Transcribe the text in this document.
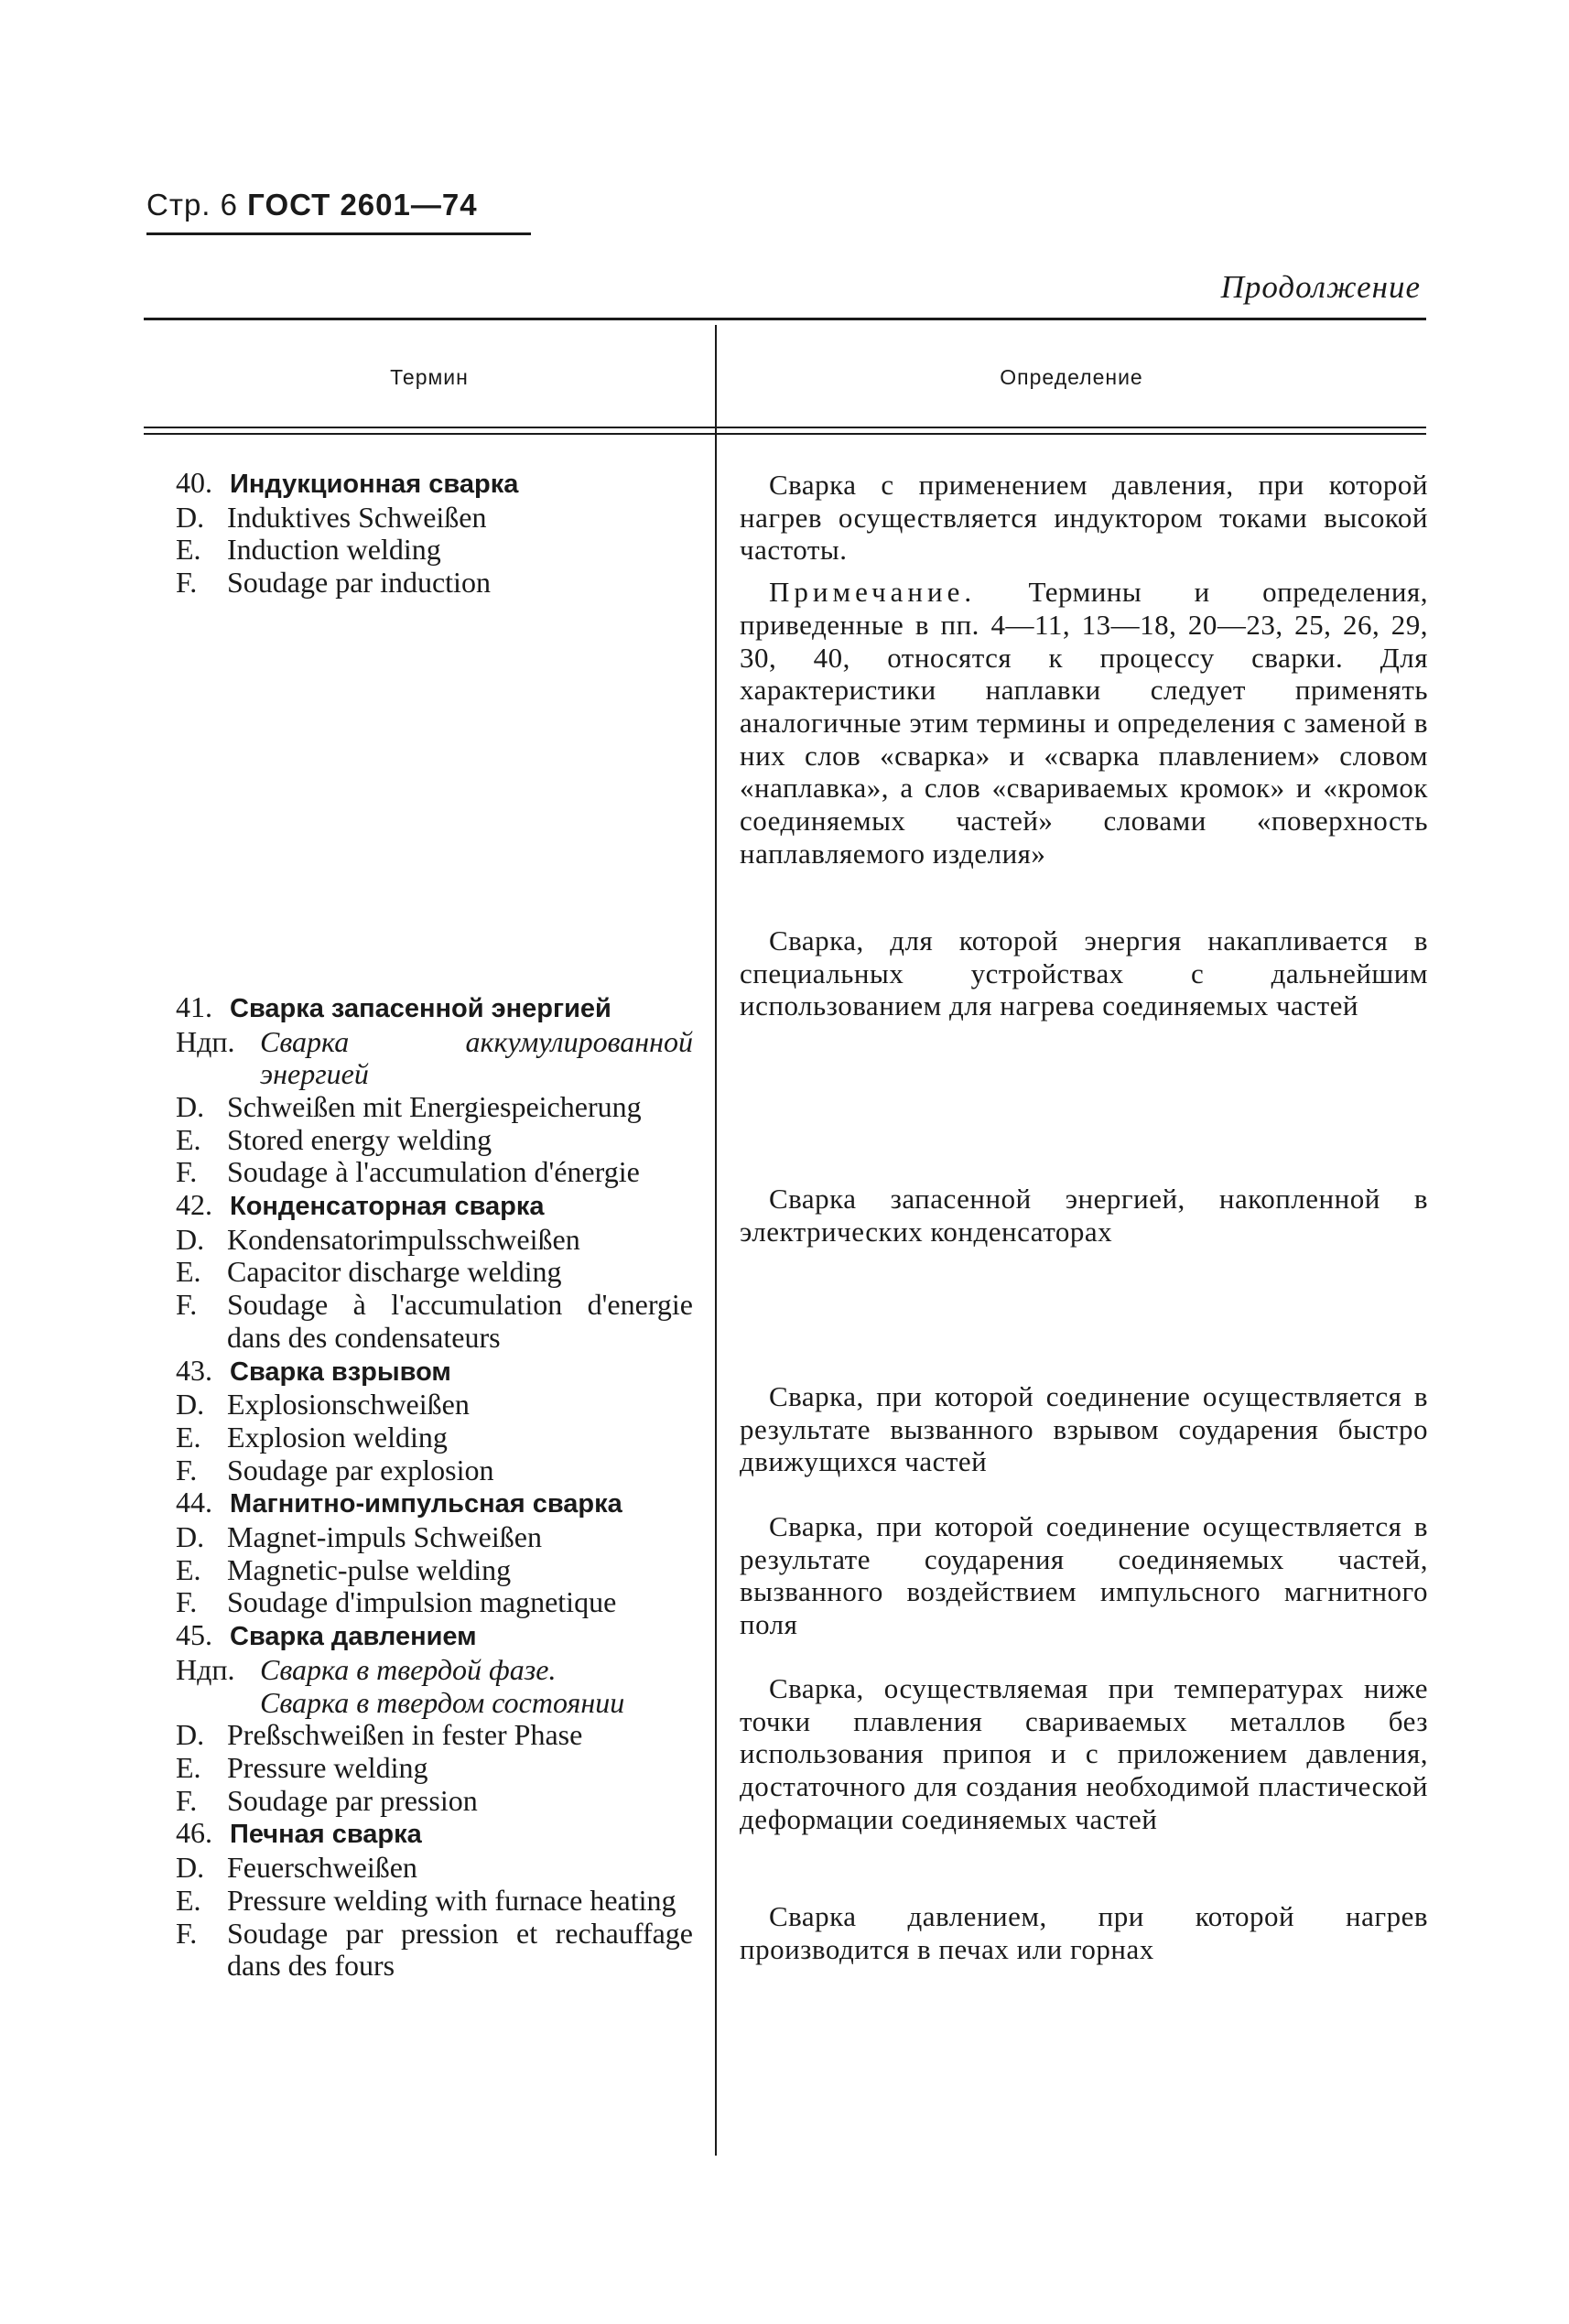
Стр. 6 ГОСТ 2601—74
Продолжение
Термин	Определение
40. Индукционная сварка
D. Induktives Schweißen
E. Induction welding
F. Soudage par induction
41. Сварка запасенной энергией
Ндп. Сварка аккумулированной энергией
D. Schweißen mit Energiespeicherung
E. Stored energy welding
F. Soudage à l'accumulation d'énergie
42. Конденсаторная сварка
D. Kondensatorimpulsschweißen
E. Capacitor discharge welding
F. Soudage à l'accumulation d'energie dans des condensateurs
43. Сварка взрывом
D. Explosionschweißen
E. Explosion welding
F. Soudage par explosion
44. Магнитно-импульсная сварка
D. Magnet-impuls Schweißen
E. Magnetic-pulse welding
F. Soudage d'impulsion magnetique
45. Сварка давлением
Ндп. Сварка в твердой фазе.
Сварка в твердом состоянии
D. Preßschweißen in fester Phase
E. Pressure welding
F. Soudage par pression
46. Печная сварка
D. Feuerschweißen
E. Pressure welding with furnace heating
F. Soudage par pression et rechauffage dans des fours

Сварка с применением давления, при которой нагрев осуществляется индуктором токами высокой частоты.

Примечание. Термины и определения, приведенные в пп. 4—11, 13—18, 20—23, 25, 26, 29, 30, 40, относятся к процессу сварки. Для характеристики наплавки следует применять аналогичные этим термины и определения с заменой в них слов «сварка» и «сварка плавлением» словом «наплавка», а слов «свариваемых кромок» и «кромок соединяемых частей» словами «поверхность наплавляемого изделия»

Сварка, для которой энергия накапливается в специальных устройствах с дальнейшим использованием для нагрева соединяемых частей

Сварка запасенной энергией, накопленной в электрических конденсаторах

Сварка, при которой соединение осуществляется в результате вызванного взрывом соударения быстро движущихся частей

Сварка, при которой соединение осуществляется в результате соударения соединяемых частей, вызванного воздействием импульсного магнитного поля

Сварка, осуществляемая при температурах ниже точки плавления свариваемых металлов без использования припоя и с приложением давления, достаточного для создания необходимой пластической деформации соединяемых частей

Сварка давлением, при которой нагрев производится в печах или горнах
